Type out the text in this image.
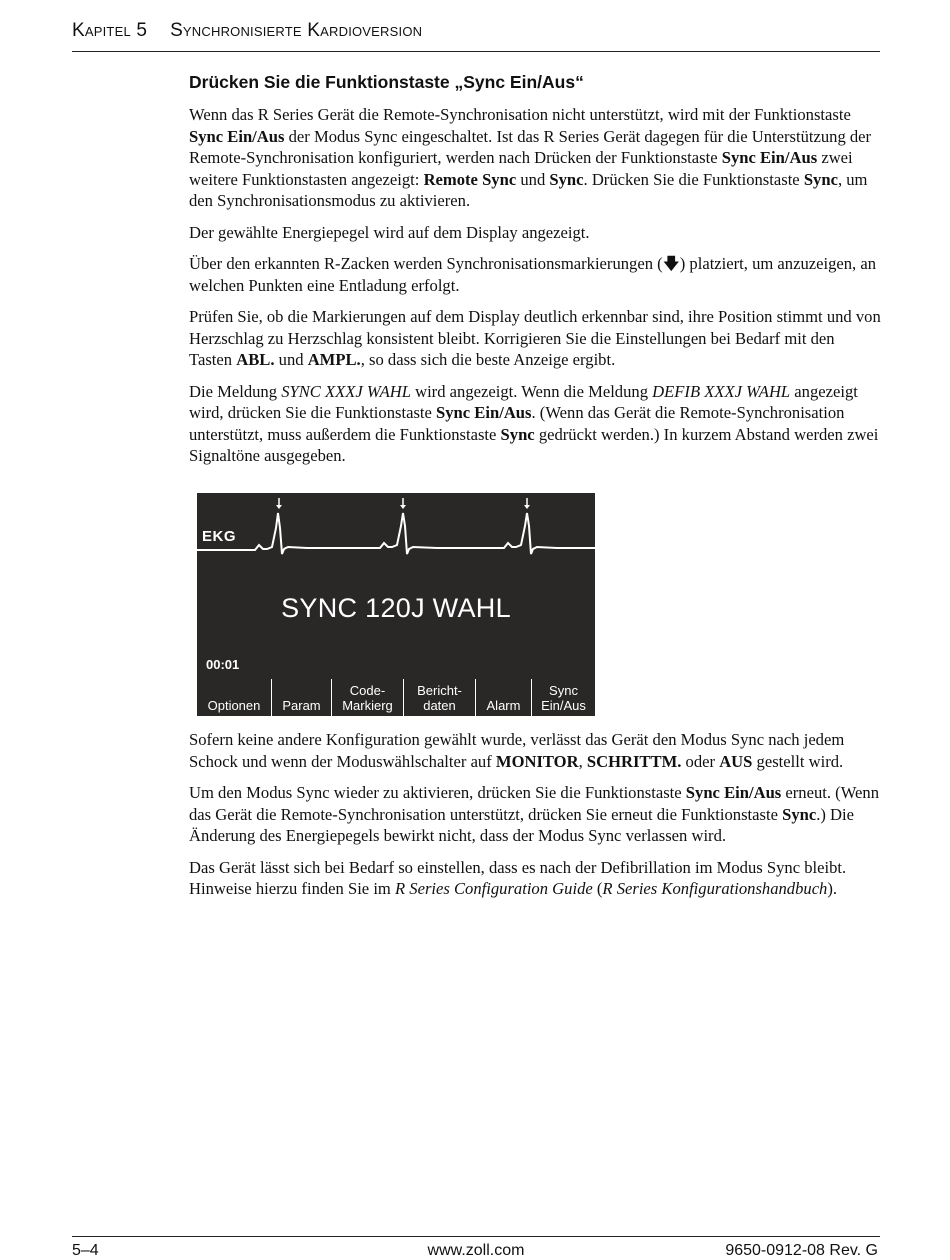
Kapitel 5 Synchronisierte Kardioversion
Drücken Sie die Funktionstaste „Sync Ein/Aus“

Wenn das R Series Gerät die Remote-Synchronisation nicht unterstützt, wird mit der Funktionstaste Sync Ein/Aus der Modus Sync eingeschaltet. Ist das R Series Gerät dagegen für die Unterstützung der Remote-Synchronisation konfiguriert, werden nach Drücken der Funktionstaste Sync Ein/Aus zwei weitere Funktionstasten angezeigt: Remote Sync und Sync. Drücken Sie die Funktionstaste Sync, um den Synchronisationsmodus zu aktivieren.

Der gewählte Energiepegel wird auf dem Display angezeigt.

Über den erkannten R-Zacken werden Synchronisationsmarkierungen (🡇) platziert, um anzuzeigen, an welchen Punkten eine Entladung erfolgt.

Prüfen Sie, ob die Markierungen auf dem Display deutlich erkennbar sind, ihre Position stimmt und von Herzschlag zu Herzschlag konsistent bleibt. Korrigieren Sie die Einstellungen bei Bedarf mit den Tasten ABL. und AMPL., so dass sich die beste Anzeige ergibt.

Die Meldung SYNC XXXJ WAHL wird angezeigt. Wenn die Meldung DEFIB XXXJ WAHL angezeigt wird, drücken Sie die Funktionstaste Sync Ein/Aus. (Wenn das Gerät die Remote-Synchronisation unterstützt, muss außerdem die Funktionstaste Sync gedrückt werden.) In kurzem Abstand werden zwei Signaltöne ausgegeben.

EKG
SYNC 120J WAHL
00:01
Optionen Param
Code-
Markierg
Bericht-
daten	Alarm
Sync
Ein/Aus

Sofern keine andere Konfiguration gewählt wurde, verlässt das Gerät den Modus Sync nach jedem Schock und wenn der Moduswählschalter auf MONITOR, SCHRITTM. oder AUS gestellt wird.

Um den Modus Sync wieder zu aktivieren, drücken Sie die Funktionstaste Sync Ein/Aus erneut. (Wenn das Gerät die Remote-Synchronisation unterstützt, drücken Sie erneut die Funktionstaste Sync.) Die Änderung des Energiepegels bewirkt nicht, dass der Modus Sync verlassen wird.

Das Gerät lässt sich bei Bedarf so einstellen, dass es nach der Defibrillation im Modus Sync bleibt. Hinweise hierzu finden Sie im R Series Configuration Guide (R Series Konfigurationshandbuch).

5–4	www.zoll.com	9650-0912-08 Rev. G
